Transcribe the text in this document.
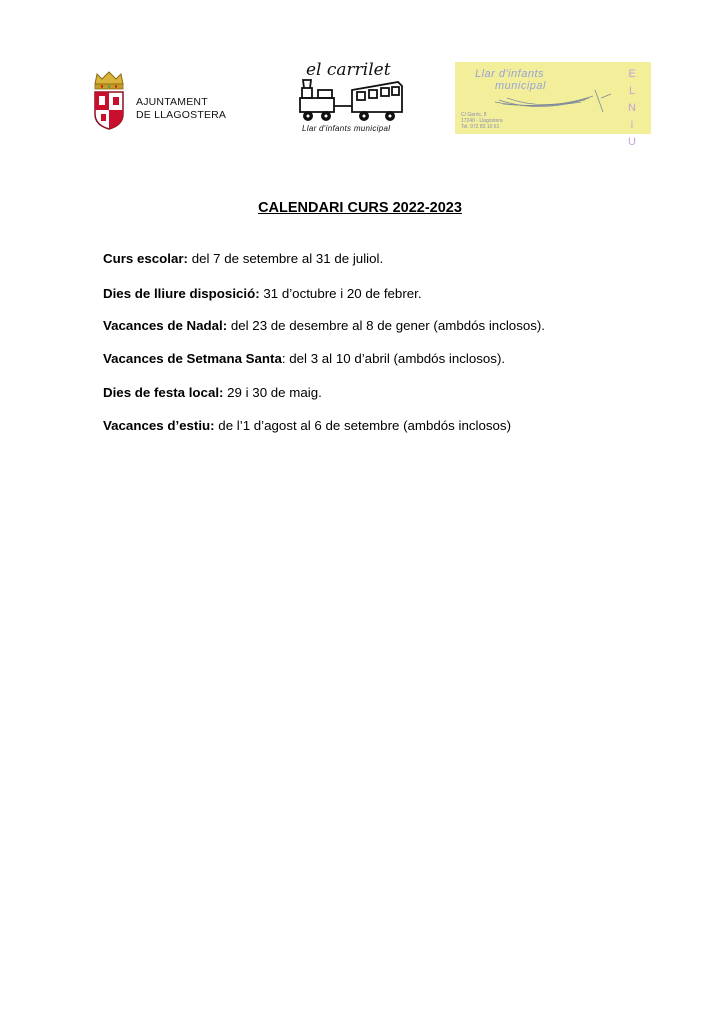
AJUNTAMENT
DE LLAGOSTERA
el carrilet
Llar d'infants municipal
Llar d'infants
municipal
C/ Garric, 8
17240 - Llagostera
Tel. 972 83 10 61
E
L
N
i
U
CALENDARI CURS 2022-2023
Curs escolar: del 7 de setembre al 31 de juliol.
Dies de lliure disposició: 31 d’octubre i 20 de febrer.
Vacances de Nadal: del 23 de desembre al 8 de gener (ambdós inclosos).
Vacances de Setmana Santa: del 3 al 10 d’abril (ambdós inclosos).
Dies de festa local: 29 i 30 de maig.
Vacances d’estiu: de l’1 d’agost al 6 de setembre (ambdós inclosos)
